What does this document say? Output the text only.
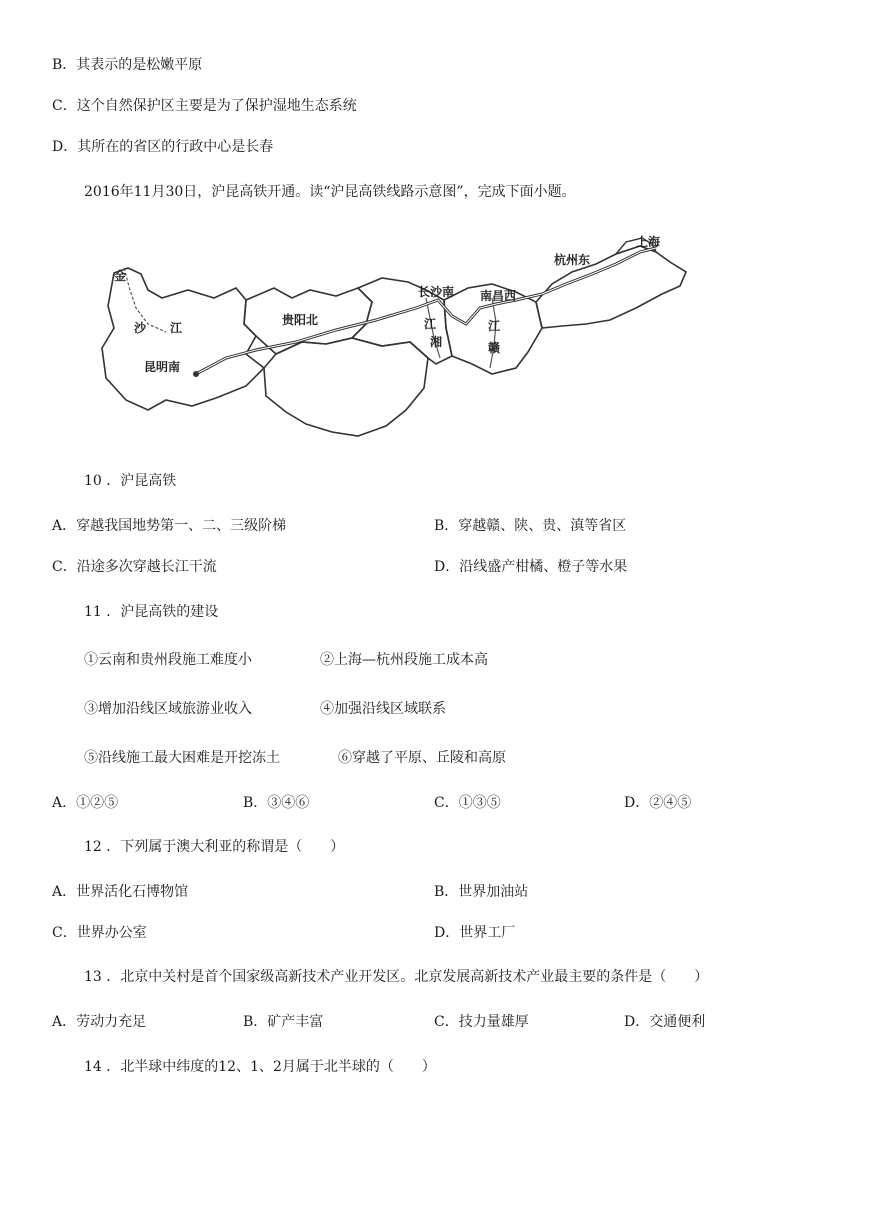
B．其表示的是松嫩平原
C．这个自然保护区主要是为了保护湿地生态系统
D．其所在的省区的行政中心是长春
2016年11月30日，沪昆高铁开通。读“沪昆高铁线路示意图”，完成下面小题。
金
沙 江
昆明南
贵阳北
长沙南 南昌西
杭州东
上海
江
湘
江
赣
10 ．沪昆高铁
A．穿越我国地势第一、二、三级阶梯	B．穿越赣、陕、贵、滇等省区
C．沿途多次穿越长江干流	D．沿线盛产柑橘、橙子等水果
11 ．沪昆高铁的建设
①云南和贵州段施工难度小	②上海—杭州段施工成本高
③增加沿线区域旅游业收入	④加强沿线区域联系
⑤沿线施工最大困难是开挖冻土	⑥穿越了平原、丘陵和高原
A．①②⑤	B．③④⑥	C．①③⑤	D．②④⑤
12 ．下列属于澳大利亚的称谓是（　　）
A．世界活化石博物馆	B．世界加油站
C．世界办公室	D．世界工厂
13 ．北京中关村是首个国家级高新技术产业开发区。北京发展高新技术产业最主要的条件是（　　）
A．劳动力充足	B．矿产丰富	C．技力量雄厚	D．交通便利
14 ．北半球中纬度的12、1、2月属于北半球的（　　）
